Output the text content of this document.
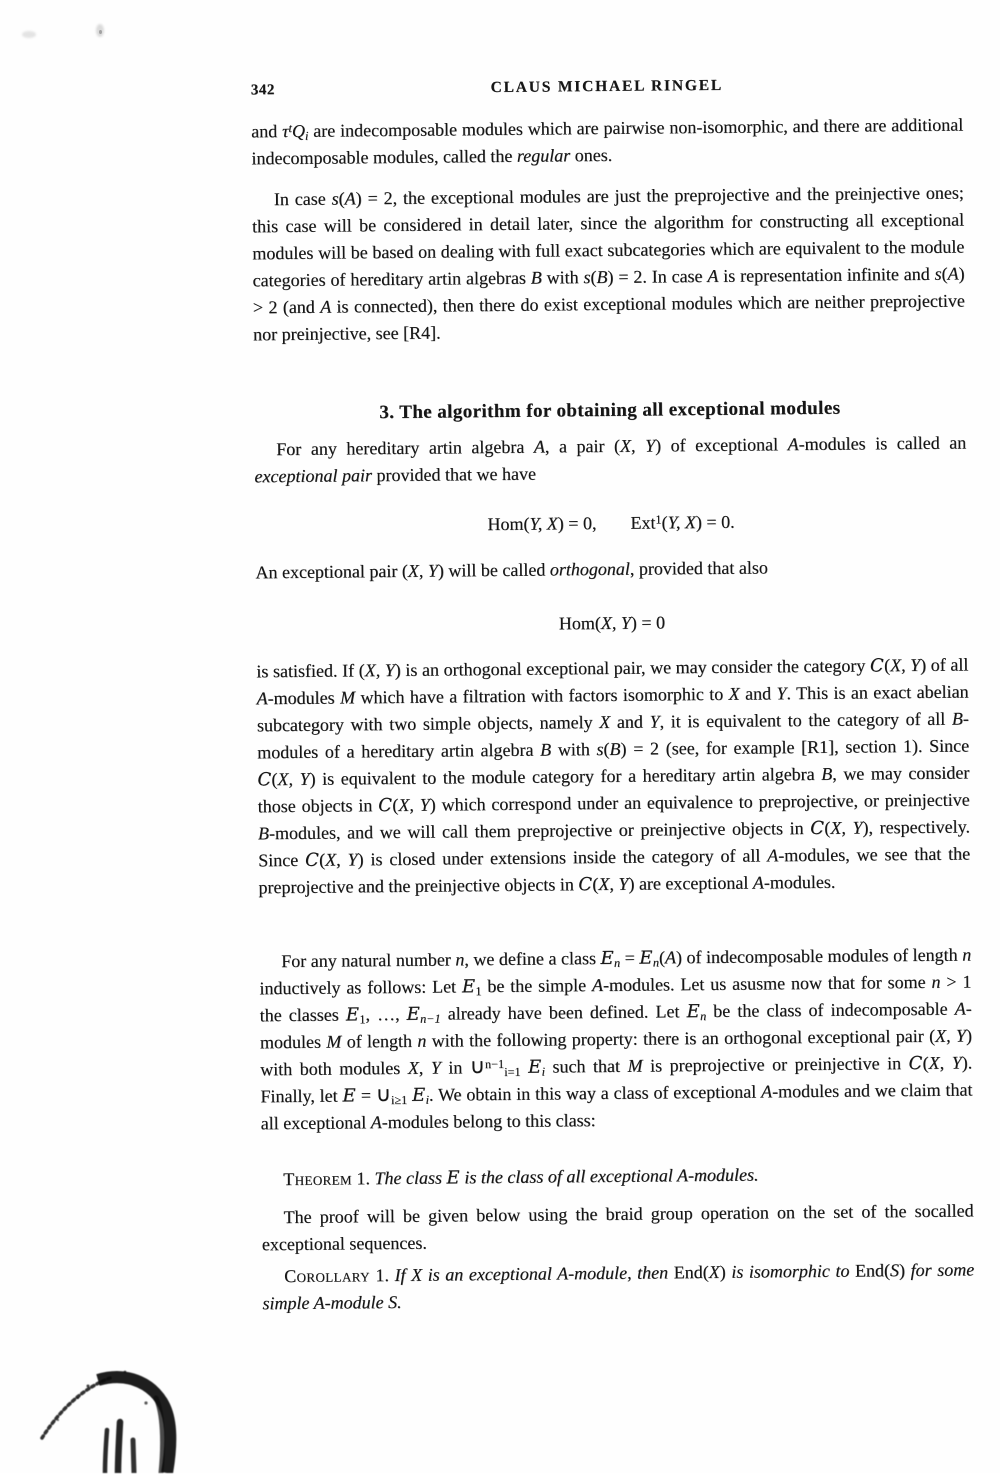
342	CLAUS MICHAEL RINGEL

and $\tau^tQi$ are indecomposable modules which are pairwise non-isomorphic, and there are additional indecomposable modules, called the regular ones.

In case s(A) = 2, the exceptional modules are just the preprojective and the preinjective ones; this case will be considered in detail later, since the algorithm for constructing all exceptional modules will be based on dealing with full exact subcategories which are equivalent to the module categories of hereditary artin algebras B with s(B) = 2. In case A is representation infinite and s(A) > 2 (and A is connected), then there do exist exceptional modules which are neither preprojective nor preinjective, see [R4].

3. The algorithm for obtaining all exceptional modules

For any hereditary artin algebra A, a pair (X, Y) of exceptional A-modules is called an exceptional pair provided that we have

Hom(Y, X) = 0, Ext$^1$(Y, X) = 0.

An exceptional pair (X, Y) will be called orthogonal, provided that also

Hom(X, Y) = 0

is satisfied. If (X, Y) is an orthogonal exceptional pair, we may consider the category C(X, Y) of all A-modules M which have a filtration with factors isomorphic to X and Y. This is an exact abelian subcategory with two simple objects, namely X and Y, it is equivalent to the category of all B-modules of a hereditary artin algebra B with s(B) = 2 (see, for example [R1], section 1). Since C(X, Y) is equivalent to the module category for a hereditary artin algebra B, we may consider those objects in C(X, Y) which correspond under an equivalence to preprojective, or preinjective B-modules, and we will call them preprojective or preinjective objects in C(X, Y), respectively. Since C(X, Y) is closed under extensions inside the category of all A-modules, we see that the preprojective and the preinjective objects in C(X, Y) are exceptional A-modules.

For any natural number n, we define a class En = En(A) of indecomposable modules of length n inductively as follows: Let E1 be the simple A-modules. Let us asusme now that for some n > 1 the classes E1, …, En−1 already have been defined. Let En be the class of indecomposable A-modules M of length n with the following property: there is an orthogonal exceptional pair (X, Y) with both modules X, Y in ∪$^{n-1}$i=1 Ei such that M is preprojective or preinjective in C(X, Y). Finally, let E = ∪i≥1 Ei. We obtain in this way a class of exceptional A-modules and we claim that all exceptional A-modules belong to this class:

Theorem 1. The class E is the class of all exceptional A-modules.

The proof will be given below using the braid group operation on the set of the socalled exceptional sequences.

Corollary 1. If X is an exceptional A-module, then End(X) is isomorphic to End(S) for some simple A-module S.
